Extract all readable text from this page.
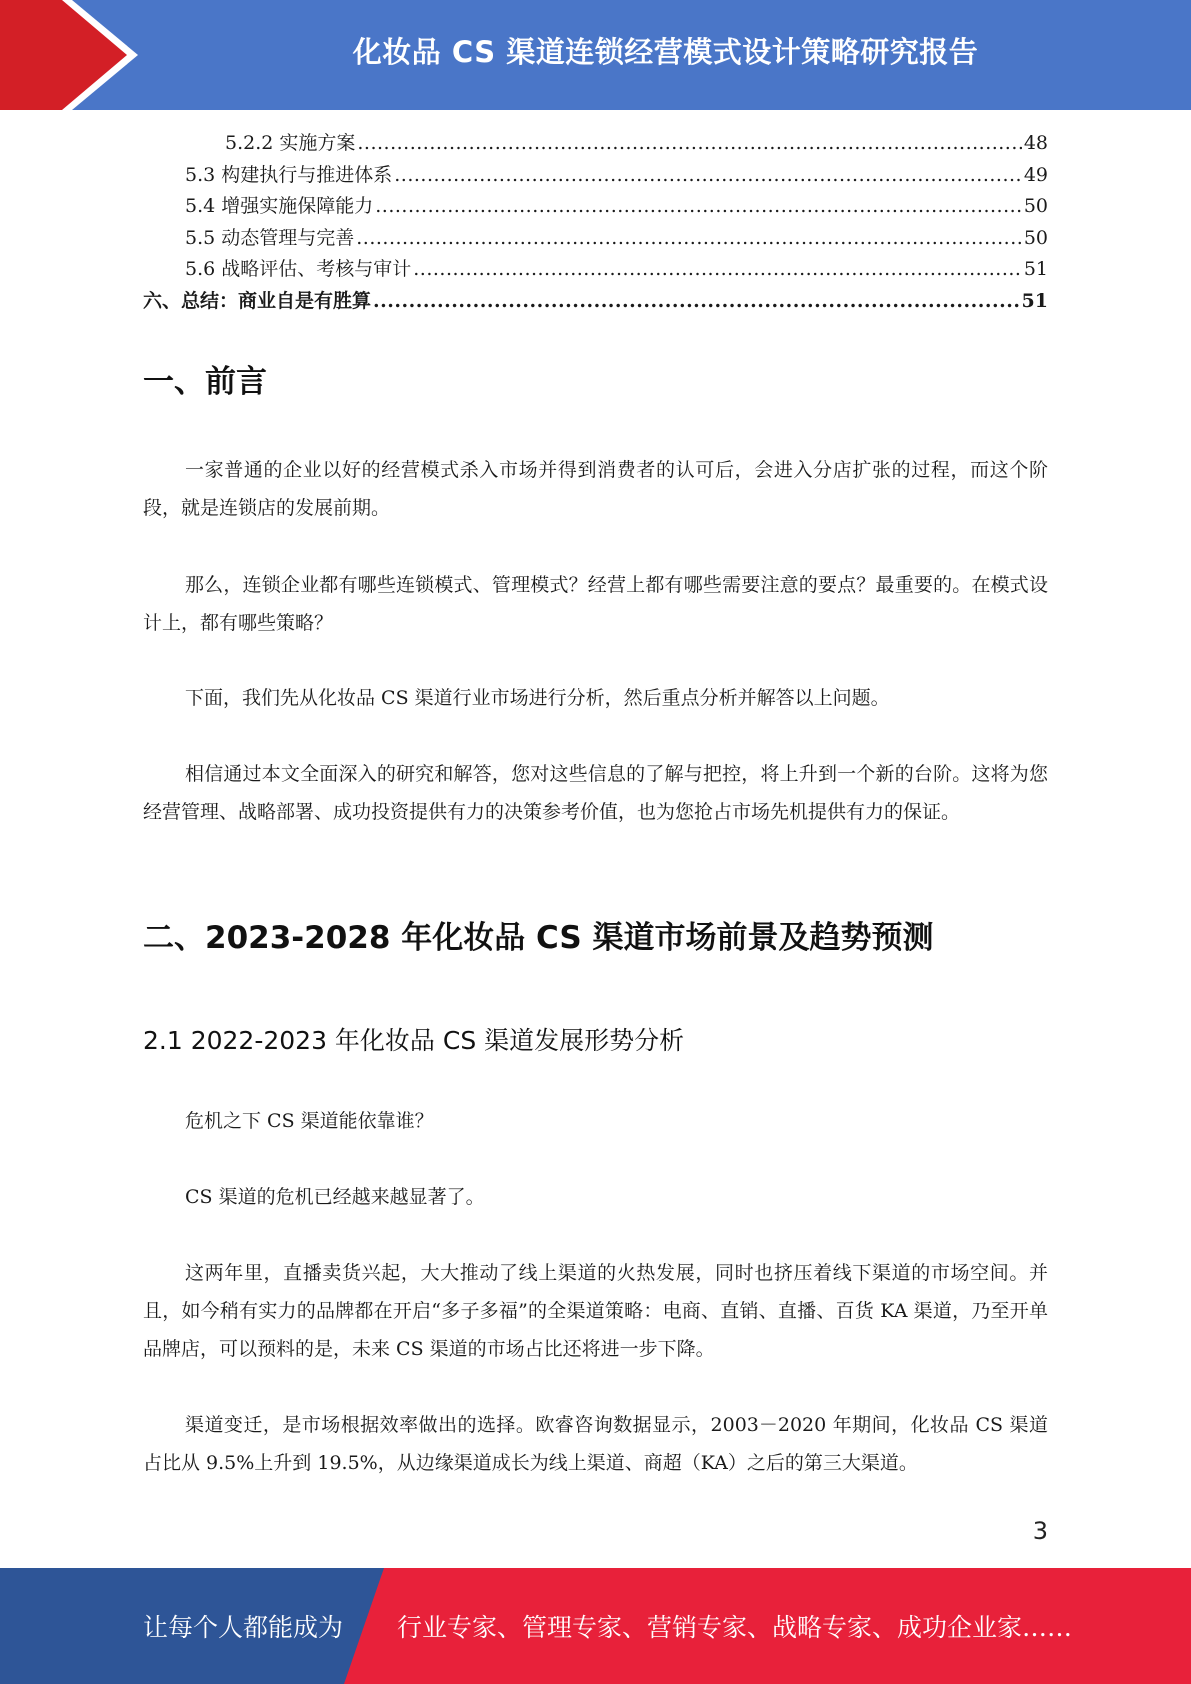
化妆品 CS 渠道连锁经营模式设计策略研究报告
5.2.2 实施方案 .....	48
5.3 构建执行与推进体系 .....	49
5.4 增强实施保障能力 .....	50
5.5 动态管理与完善 .....	50
5.6 战略评估、考核与审计 .....	51
六、总结：商业自是有胜算 .....	51
一、前言

一家普通的企业以好的经营模式杀入市场并得到消费者的认可后，会进入分店扩张的过程，而这个阶段，就是连锁店的发展前期。

那么，连锁企业都有哪些连锁模式、管理模式？经营上都有哪些需要注意的要点？最重要的。在模式设计上，都有哪些策略？

下面，我们先从化妆品 CS 渠道行业市场进行分析，然后重点分析并解答以上问题。

相信通过本文全面深入的研究和解答，您对这些信息的了解与把控，将上升到一个新的台阶。这将为您经营管理、战略部署、成功投资提供有力的决策参考价值，也为您抢占市场先机提供有力的保证。

二、2023-2028 年化妆品 CS 渠道市场前景及趋势预测
2.1 2022-2023 年化妆品 CS 渠道发展形势分析

危机之下 CS 渠道能依靠谁？

CS 渠道的危机已经越来越显著了。

这两年里，直播卖货兴起，大大推动了线上渠道的火热发展，同时也挤压着线下渠道的市场空间。并且，如今稍有实力的品牌都在开启“多子多福”的全渠道策略：电商、直销、直播、百货 KA 渠道，乃至开单品牌店，可以预料的是，未来 CS 渠道的市场占比还将进一步下降。

渠道变迁，是市场根据效率做出的选择。欧睿咨询数据显示，2003－2020 年期间，化妆品 CS 渠道占比从 9.5%上升到 19.5%，从边缘渠道成长为线上渠道、商超（KA）之后的第三大渠道。

3
让每个人都能成为 行业专家、管理专家、营销专家、战略专家、成功企业家……
